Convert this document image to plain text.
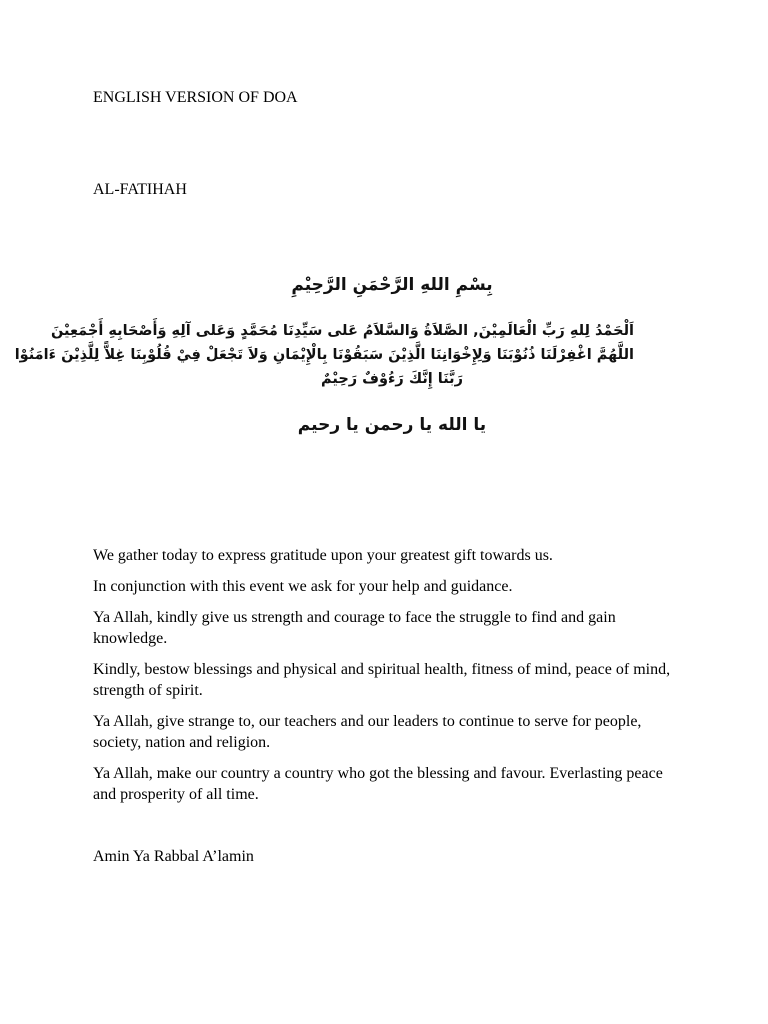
ENGLISH VERSION OF DOA
AL-FATIHAH
بِسْمِ اللهِ الرَّحْمَنِ الرَّحِيْمِ
اَلْحَمْدُ لِلهِ رَبِّ الْعَالَمِيْنَ, الصَّلاَةُ وَالسَّلاَمُ عَلى سَيِّدِنَا مُحَمَّدٍ وَعَلى آلِهِ وَأَصْحَابِهِ أَجْمَعِيْنَ
اللَّهُمَّ اغْفِرْلَنَا ذُنُوْبَنَا وَلِإِخْوَانِنَا الَّذِيْنَ سَبَقُوْنَا بِالْإِيْمَانِ وَلاَ تَجْعَلْ فِيْ قُلُوْبِنَا غِلاًّ لِلَّذِيْنَ ءَامَنُوْا
رَبَّنَا إِنَّكَ رَءُوْفٌ رَحِيْمٌ
يا الله يا رحمن يا رحيم

We gather today to express gratitude upon your greatest gift towards us.

In conjunction with this event we ask for your help and guidance.

Ya Allah, kindly give us strength and courage to face the struggle to find and gain knowledge.

Kindly, bestow blessings and physical and spiritual health, fitness of mind, peace of mind, strength of spirit.

Ya Allah, give strange to, our teachers and our leaders to continue to serve for people, society, nation and religion.

Ya Allah, make our country a country who got the blessing and favour. Everlasting peace and prosperity of all time.

Amin Ya Rabbal A’lamin
